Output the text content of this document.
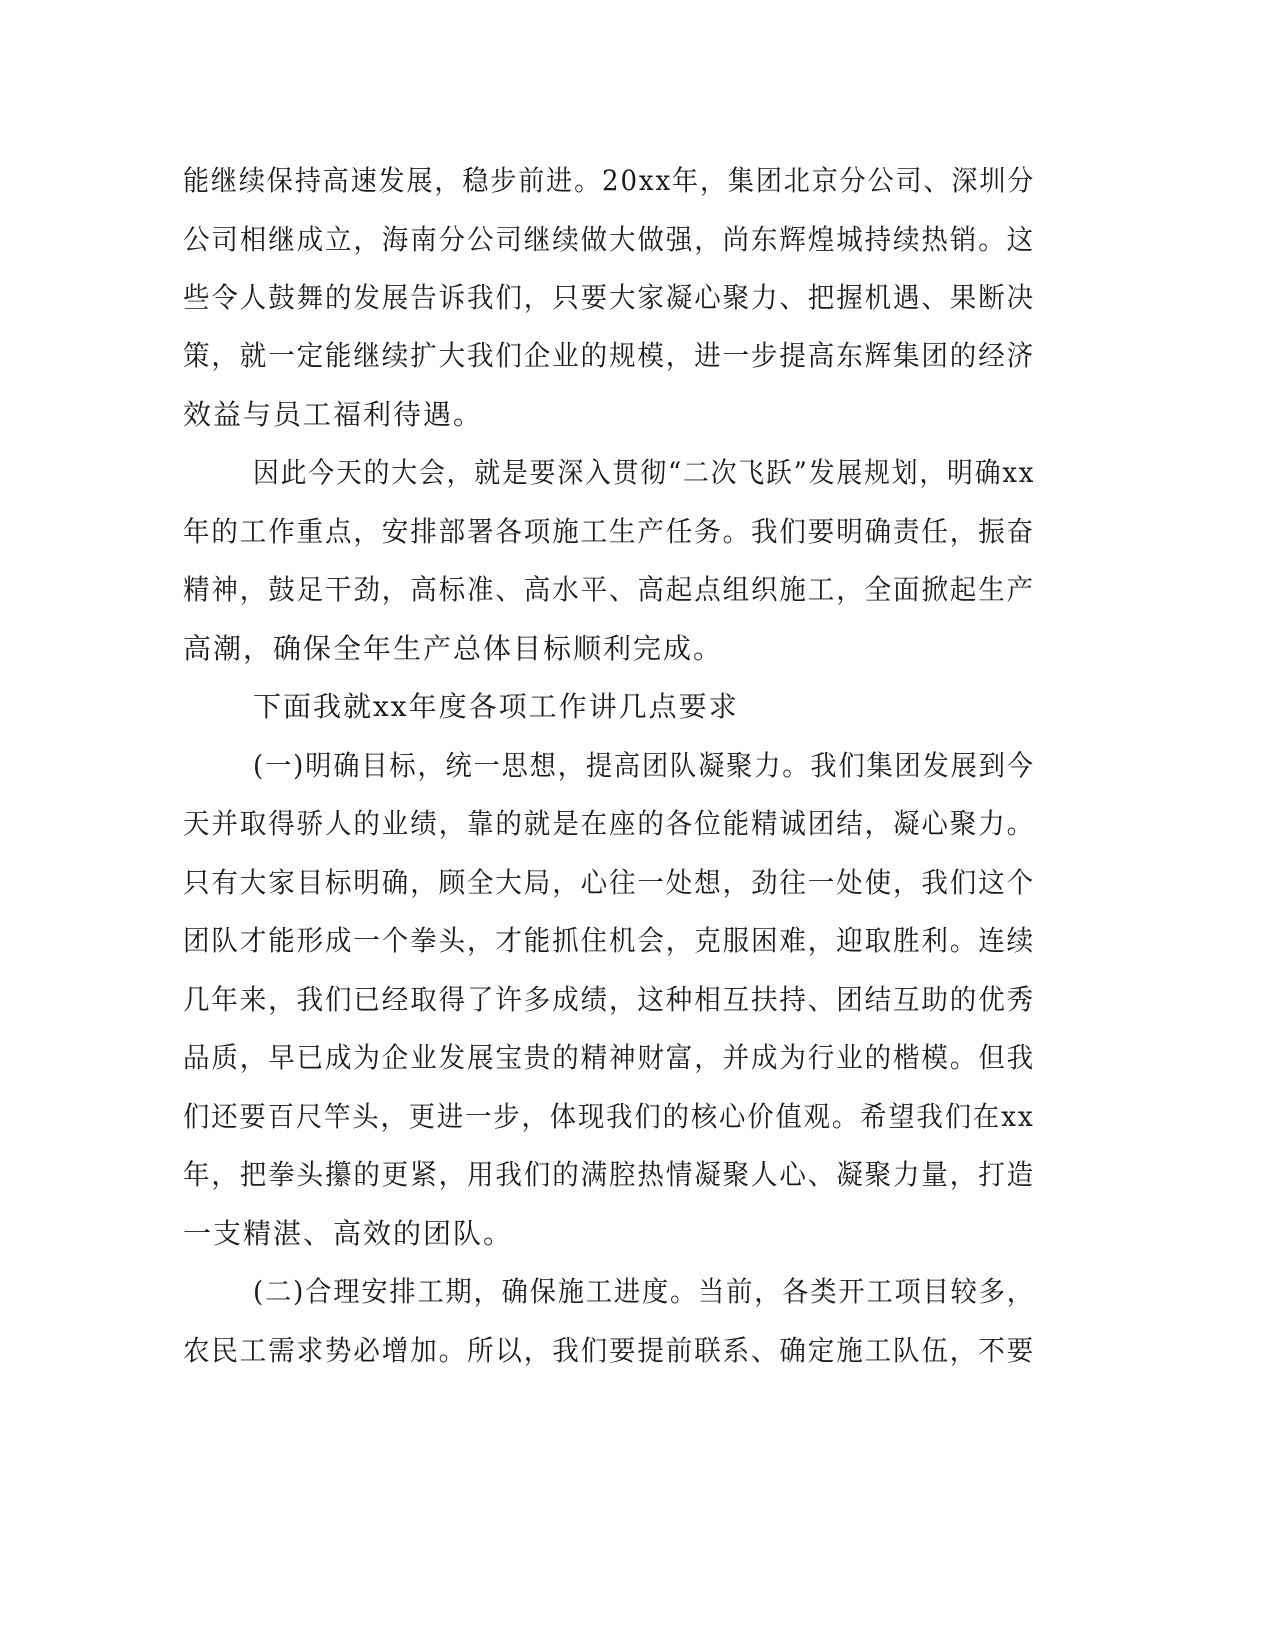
能继续保持高速发展，稳步前进。20xx年，集团北京分公司、深圳分
公司相继成立，海南分公司继续做大做强，尚东辉煌城持续热销。这
些令人鼓舞的发展告诉我们，只要大家凝心聚力、把握机遇、果断决
策，就一定能继续扩大我们企业的规模，进一步提高东辉集团的经济
效益与员工福利待遇。
因此今天的大会，就是要深入贯彻“二次飞跃”发展规划，明确xx
年的工作重点，安排部署各项施工生产任务。我们要明确责任，振奋
精神，鼓足干劲，高标准、高水平、高起点组织施工，全面掀起生产
高潮，确保全年生产总体目标顺利完成。
下面我就xx年度各项工作讲几点要求
(一)明确目标，统一思想，提高团队凝聚力。我们集团发展到今
天并取得骄人的业绩，靠的就是在座的各位能精诚团结，凝心聚力。
只有大家目标明确，顾全大局，心往一处想，劲往一处使，我们这个
团队才能形成一个拳头，才能抓住机会，克服困难，迎取胜利。连续
几年来，我们已经取得了许多成绩，这种相互扶持、团结互助的优秀
品质，早已成为企业发展宝贵的精神财富，并成为行业的楷模。但我
们还要百尺竿头，更进一步，体现我们的核心价值观。希望我们在xx
年，把拳头攥的更紧，用我们的满腔热情凝聚人心、凝聚力量，打造
一支精湛、高效的团队。
(二)合理安排工期，确保施工进度。当前，各类开工项目较多，
农民工需求势必增加。所以，我们要提前联系、确定施工队伍，不要
